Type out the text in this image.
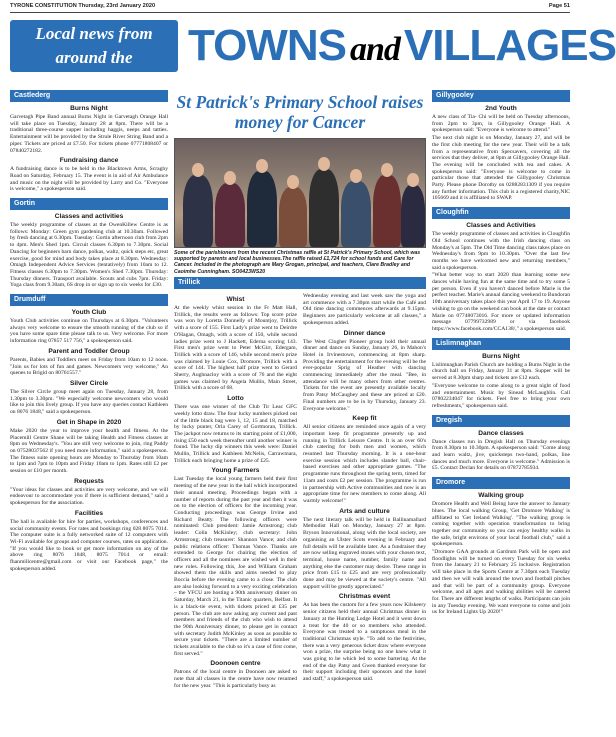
TYRONE CONSTITUTION Thursday, 23rd January 2020	Page 51
Local news from
around the	TOWNS andVILLAGES
Castlederg
Burns Night

Garvetagh Pipe Band annual Burns Night in Garvetagh Orange Hall will take place on Tuesday, January 28 at 8pm. There will be a traditional three-course supper including haggis, neeps and tatties. Entertainment will be provided by the Strule River String Band and a piper. Tickets are priced at £7.50. For tickets phone 07771808407 or 07840272182.

Fundraising dance

A fundraising dance is to be held in the Blacktown Arms, Scraghy Road on Saturday, February 15. The event is in aid of Air Ambulance and music on the night will be provided by Larry and Co. "Everyone is welcome," a spokesperson said.

Gortin
Classes and activities

The weekly programme of classes at the OwenKillew Centre is as follows: Monday: Green gym gardening club at 10.30am. Followed by fresh dancing at 6.30pm. Tuesday: Gortin afternoon club from 2pm to 4pm. Men's Shed 1pm. Circuit classes 6.30pm to 7.30pm. Social Dancing for beginners barn dance, polkas, waltz, quick steps etc, great exercise, good for mind and body takes place at 8.30pm. Wednesday: Omagh Independent Advice Services (tentatively) from 10am to 12. Fitness classes 6.30pm to 7.30pm. Women's Shed 7.30pm. Thursday: Thursday dinners. Transport available. Scouts and cubs 7pm. Friday: Yoga class from 9.30am, 6S drop in or sign up to six weeks for £30.

Drumduff
Youth Club

Youth Club activities continue on Thursdays at 6.30pm. "Volunteers always very welcome to ensure the smooth running of the club so if you have some spare time please talk to us. Very welcome. For more information ring 07857 517 756," a spokesperson said.

Parent and Toddler Group

Parents, Babies and Toddlers meet on Friday from 10am to 12 noon. "Join us for lots of fun and games. Newcomers very welcome," An quenes to Brigid on 80761557."

Silver Circle

The Silver Circle group meet again on Tuesday, January 28, from 1.30pm to 3.30pm. "We especially welcome newcomers who would like to join this lively group. If you have any queries contact Kathleen on 8076 1848," said a spokesperson.

Get in Shape in 2020

Make 2020 the year to improve your health and fitness. At the Placemill Centre Shane will be taking Health and Fitness classes at 8pm on Wednesday's. "You are still very welcome to join, ring Paddy on 07528037562 if you need more information," said a spokesperson. The fitness suite opening hours are Monday to Thursday from 10am to 1pm and 7pm to 10pm and Friday 10am to 1pm. Rates still £2 per session or £10 per month.

Requests

"Your ideas for classes and activities are very welcome, and we will endeavour to accommodate you if there is sufficient demand," said a spokesperson for the association.

Facilities

The hall is available for hire for parties, workshops, conferences and social community events. For rates and bookings ring 028 8075 7014. The computer suite is a fully networked suite of 12 computers with Wi-Fi available for groups and computer courses, rates on application. "If you would like to book or get more information on any of the above ring 8076 1848, 8075 7014 or email: fhanmillcentre@gmail.com or visit our Facebook page," the spokesperson added.

St Patrick's Primary School raises money for Cancer
Some of the parishioners from the recent Christmas raffle at St Patrick's Primary School, which was supported by parents and local businesses.The raffle raised £1,724 for school funds and Care for Cancer. Included in the photograph are Mary Grogan, principal, and teachers, Clare Bradley and Caoimhe Cunningham. SO0423WS20
Trillick
Whist

At the weekly whist session in the Fr Matt Hall, Trillick, the results were as follows: Top score prize was won by Loretta Donnelly of Mountjoy, Trillick with a score of 155. First Lady's prize went to Deirdre O'Hagan, Omagh, with a score of 150, while second ladies prize went to J Hackett, Ederna scoring 143. First men's prize went to Peter McGirr, Edergam, Trillick with a score of 146, while second men's prize was claimed by Louie Cox, Dromore, Trillick with a score of 144. The highest half prize went to Gerard Sherry, Aughnacloy with a score of 76 and the eight games was claimed by Angela Mullin, Main Street, Trillick with a score of 68.

Lotto

There was one winner of the Club Tir Leac GFC weekly lotto draw. The four lucky numbers picked out of the little black bag were 1, 12, 15 and 18, matched by lucky punter, Orla Carey of Gortmoran, Trillick. The jackpot now returns to its starting point of £1,000, rising £50 each week thereafter until another winner is found. The lucky dip winners this week were: Daniel Mullin, Trillick and Kathleen McNelis, Carrawmara, Trillick each bringing home a prize of £25.

Young Farmers

Last Tuesday the local young farmers held their first meeting of the new year in the hall which incorporated their annual meeting. Proceedings began with a number of reports during the past year and then it was on to the election of officers for the incoming year. Conducting proceedings was George Irvine and Richard Beatty. The following officers were nominated: Club president: Jamie Armstrong; club leader: Colin McKinley; club secretary: John Armstrong; club treasurer: Shannon Vance; and club public relations officer: Thomas Vance. Thanks are extended to George for chairing the election of officers and all the nominees are wished well in their new roles. Following this, Joe and William Graham showed them the skills and aims needed to play Boccia before the evening came to a close. The club are also looking forward to a very exciting celebration – the YFCU are hosting a 90th anniversary dinner on Saturday, March 21, in the Titanic quarters, Belfast. It is a black-tie event, with tickets priced at £35 per person. The club are now asking any current and past members and friends of the club who wish to attend the 90th Anniversary dinner, to please get in contact with secretary Judith McKinley as soon as possible to secure your tickets. "There are a limited number of tickets available to the club so it's a case of first come, first served."

Doonoen centre

Patrons of the local centre in Doonoen are asked to note that all classes in the centre have now resumed for the new year. "This is particularly busy as

Wednesday evening and last week saw the yoga and art commence with a 7.30pm start while the Café and Old time dancing commences afterwards at 9.15pm. Beginners are particularly welcome at all classes," a spokesperson added.

Dinner dance

The West Clogher Pioneer group hold their annual dinner and dance on Sunday, January 26, in Mahon's Hotel in Irvinestown, commencing at 8pm sharp. Providing the entertainment for the evening will be the ever-popular Sprig of Heather with dancing commencing immediately after the meal. "Bee, in attendance will be many others from other centres. Tickets for the event are presently available locally from Patsy McCaughey and these are priced at £20. Final numbers are to be in by Thursday, January 23. Everyone welcome."

Keep fit

All senior citizens are reminded once again of a very important keep fit programme presently up and running in Trillick Leisure Centre. It is an over 60's club catering for both men and women, which resumed last Thursday morning. It is a one-hour exercise session which includes slander ball, chair-based exercises and other appropriate games. "The programme runs throughout the spring term, timed for 11am and costs £2 per session. The programme is run in partnership with Active communities and now is an appropriate time for new members to come along. All warmly welcome!"

Arts and culture

The next literary talk will be held in Ballinamallard Methodist Hall on Monday, January 27 at 8pm. Bryson Innovational, along with the local society, are organising an Ulster Scots evening in February and full details will be available later. As a fundraiser they are now selling engraved stones with your chosen text, terminal, house name, number, family name and anything else the customer may desire. These range in price from £15 to £25 and are very professionally done and may be viewed at the society's centre. "All support will be greatly appreciated."

Christmas event

As has been the custom for a few years now Kilskeery senior citizens held their annual Christmas dinner in January at the Hunting Lodge Hotel and it went down a treat for the 40 or so members who attended. Everyone was treated to a sumptuous meal in the traditional Christmas style. "To add to the festivities, there was a very generous ticket draw where everyone won a prize, the surprise being no one knew what it was going to be which led to some bartering. At the end of the day Patsy and Gwen thanked everyone for their support including their sponsors and the hotel and staff," a spokesperson said.

Gillygooley
2nd Youth

A new class of Tia- Chi will be held on Tuesday afternoons, from 2pm to 3pm, in Gillygooley Orange Hall. A spokesperson said: "Everyone is welcome to attend."

The next club night is on Monday, January 27, and will be the first club meeting for the new year. Their will be a talk from a representative from Specsavers, covering all the services that they deliver, at 8pm at Gillygooley Orange Hall. The evening will be concluded with tea and cakes. A spokesperson said: "Everyone is welcome to come in particular those that attended the Gillygooley Christmas Party. Please phone Dorothy on 02882831309 if you require any further information. This club is a registered charity,NIC 105669 and it is affiliated to SWAP.

Cloughfin
Classes and Activities

The weekly programme of classes and activities in Cloughfin Old School continues with the Irish dancing class on Monday's at 5pm. The Old Time dancing class takes place on Wednesday's from 9pm to 10.30pm. "Over the last few months we have welcomed new and returning members," said a spokesperson.

"What better way to start 2020 than learning some new dances while having fun at the same time and to try some 5 per person. Even if you haven't danced before Marie is the perfect teacher. Marie's annual dancing weekend to Bundoran 10th anniversary takes place this year April 17 to 19. Anyone wishing to go on the weekend can book at the date or contact Marie on 07748073016. For more or updated information message 07799732989 or via facebook https://www.facebook.com/CCA138/," a spokesperson said.

Lislimnaghan
Burns Night

Lislimnaghan Parish Church are holding a Burns Night in the church hall on Friday, January 31 at 8pm. Supper will be served at 8.30pm sharp and tickets are £12 each.

"Everyone welcome to come along to a great night of food and entertainment. Music by Sinead McLaughlin. Call 07802234047 for tickets. Feel free to bring your own refreshments," spokesperson said.

Dregish
Dance classes

Dance classes run in Dregish Hall on Thursday evenings from 8.30pm to 10.30pm. A spokesperson said: "Come along and learn waltz, jive, quicksteps two-hand, polkas, line dances and much more. Everyone is welcome." Admission is £5. Contact Declan for details on 07872785934.

Dromore
Walking group

Dromore Health and Well Being have the answer to January blues. The local walking Group, 'Get Dromore Walking' is affiliated to 'Get Ireland Walking'. "The walking group is coming together with operation transformation to bring together our community so you can enjoy healthy walks in the safe, bright environs of your local football club," said a spokesperson.

"Dromore GAA grounds at Gardrum Park will be open and floodlights will be turned on every Tuesday for six weeks from the January 21 to February 25 inclusive. Registration will take place in the Sports Centre at 7.30pm each Tuesday and then we will walk around the town and football pitches and that will be part of a community group. Everyone welcome, and all ages and walking abilities will be catered for. There are different lengths of walks. Participants can join in any Tuesday evening. We want everyone to come and join us for Ireland Lights Up 2020!"
